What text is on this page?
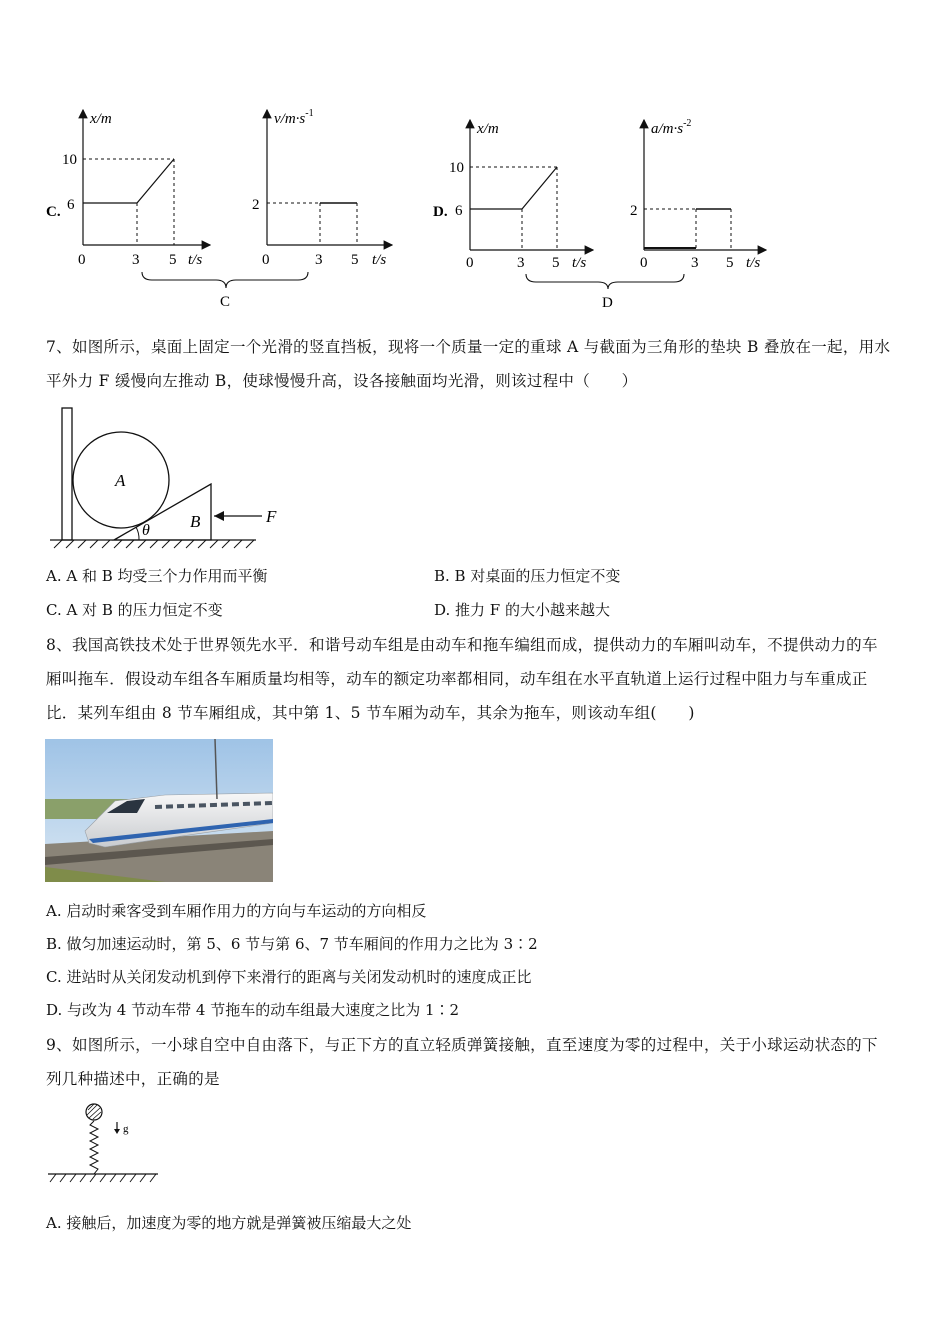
C.
x/m
10
6
0	3 5 t/s
$v/m\cdot s^{-1}$
2
0	3 5 t/s
C
D.
x/m
10
6
0	3 5 t/s
$a/m\cdot s^{-2}$
2
0	3 5 t/s
D
7、如图所示，桌面上固定一个光滑的竖直挡板，现将一个质量一定的重球 A 与截面为三角形的垫块 B 叠放在一起，用水
平外力 F 缓慢向左推动 B，使球慢慢升高，设各接触面均光滑，则该过程中（　　）
A
θ B	F
A. A 和 B 均受三个力作用而平衡	B. B 对桌面的压力恒定不变
C. A 对 B 的压力恒定不变	D. 推力 F 的大小越来越大
8、我国高铁技术处于世界领先水平．和谐号动车组是由动车和拖车编组而成，提供动力的车厢叫动车，不提供动力的车
厢叫拖车．假设动车组各车厢质量均相等，动车的额定功率都相同，动车组在水平直轨道上运行过程中阻力与车重成正
比．某列车组由 8 节车厢组成，其中第 1、5 节车厢为动车，其余为拖车，则该动车组(　　)
A. 启动时乘客受到车厢作用力的方向与车运动的方向相反
B. 做匀加速运动时，第 5、6 节与第 6、7 节车厢间的作用力之比为 3∶2
C. 进站时从关闭发动机到停下来滑行的距离与关闭发动机时的速度成正比
D. 与改为 4 节动车带 4 节拖车的动车组最大速度之比为 1∶2
9、如图所示，一小球自空中自由落下，与正下方的直立轻质弹簧接触，直至速度为零的过程中，关于小球运动状态的下
列几种描述中，正确的是
g
A. 接触后，加速度为零的地方就是弹簧被压缩最大之处
